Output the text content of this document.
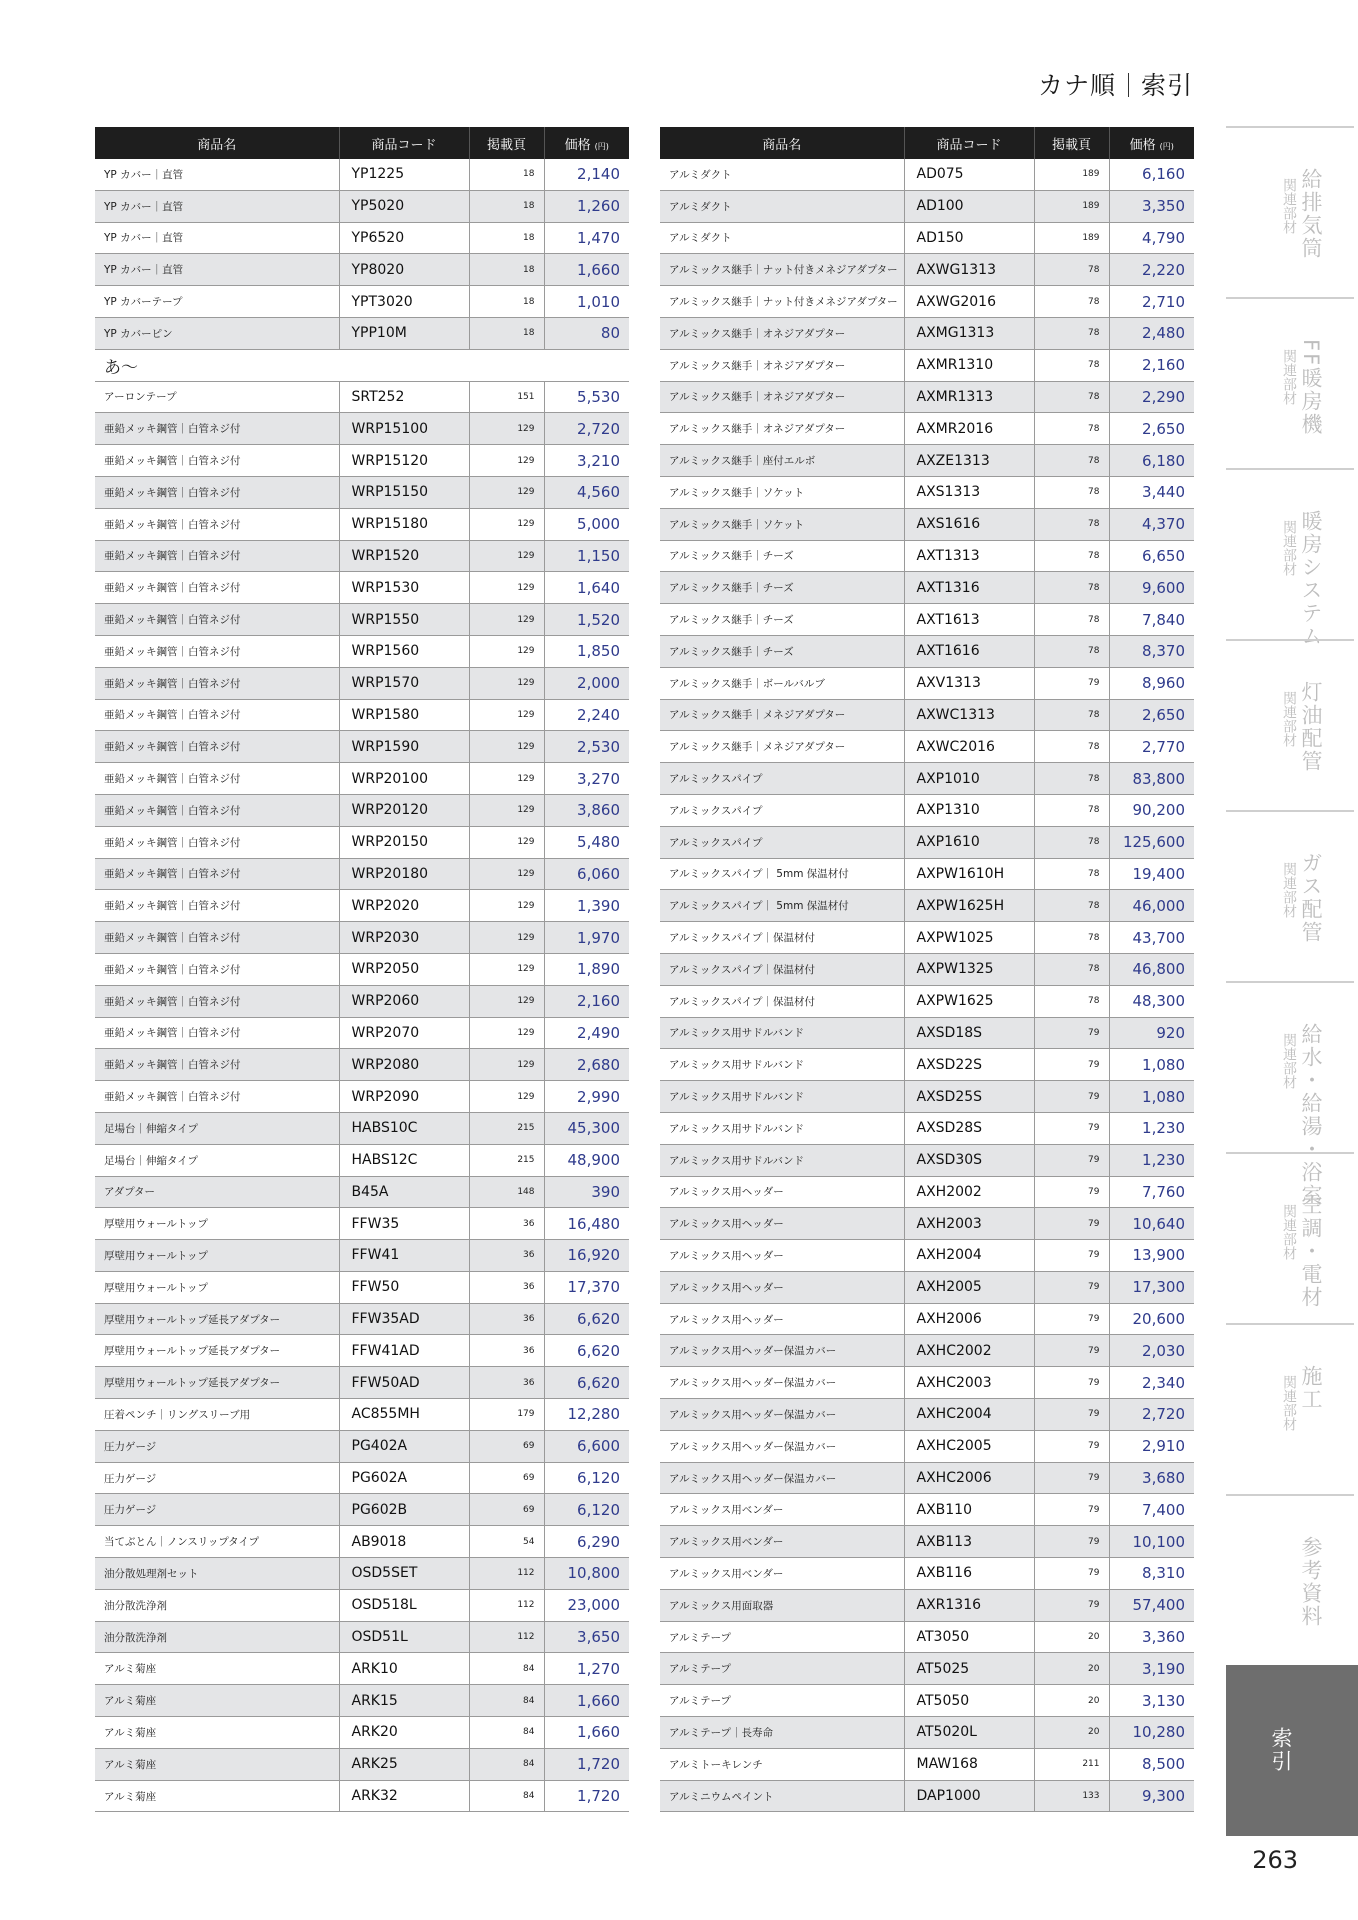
カナ順 索引
商品名	商品コード	掲載頁	価格 (円)
YP カバー｜直管	YP1225	18	2,140
YP カバー｜直管	YP5020	18	1,260
YP カバー｜直管	YP6520	18	1,470
YP カバー｜直管	YP8020	18	1,660
YP カバーテープ	YPT3020	18	1,010
YP カバーピン	YPP10M	18	80
あ〜			
アーロンテープ	SRT252	151	5,530
亜鉛メッキ鋼管｜白管ネジ付	WRP15100	129	2,720
亜鉛メッキ鋼管｜白管ネジ付	WRP15120	129	3,210
亜鉛メッキ鋼管｜白管ネジ付	WRP15150	129	4,560
亜鉛メッキ鋼管｜白管ネジ付	WRP15180	129	5,000
亜鉛メッキ鋼管｜白管ネジ付	WRP1520	129	1,150
亜鉛メッキ鋼管｜白管ネジ付	WRP1530	129	1,640
亜鉛メッキ鋼管｜白管ネジ付	WRP1550	129	1,520
亜鉛メッキ鋼管｜白管ネジ付	WRP1560	129	1,850
亜鉛メッキ鋼管｜白管ネジ付	WRP1570	129	2,000
亜鉛メッキ鋼管｜白管ネジ付	WRP1580	129	2,240
亜鉛メッキ鋼管｜白管ネジ付	WRP1590	129	2,530
亜鉛メッキ鋼管｜白管ネジ付	WRP20100	129	3,270
亜鉛メッキ鋼管｜白管ネジ付	WRP20120	129	3,860
亜鉛メッキ鋼管｜白管ネジ付	WRP20150	129	5,480
亜鉛メッキ鋼管｜白管ネジ付	WRP20180	129	6,060
亜鉛メッキ鋼管｜白管ネジ付	WRP2020	129	1,390
亜鉛メッキ鋼管｜白管ネジ付	WRP2030	129	1,970
亜鉛メッキ鋼管｜白管ネジ付	WRP2050	129	1,890
亜鉛メッキ鋼管｜白管ネジ付	WRP2060	129	2,160
亜鉛メッキ鋼管｜白管ネジ付	WRP2070	129	2,490
亜鉛メッキ鋼管｜白管ネジ付	WRP2080	129	2,680
亜鉛メッキ鋼管｜白管ネジ付	WRP2090	129	2,990
足場台｜伸縮タイプ	HABS10C	215	45,300
足場台｜伸縮タイプ	HABS12C	215	48,900
アダプター	B45A	148	390
厚壁用ウォールトップ	FFW35	36	16,480
厚壁用ウォールトップ	FFW41	36	16,920
厚壁用ウォールトップ	FFW50	36	17,370
厚壁用ウォールトップ延長アダプター	FFW35AD	36	6,620
厚壁用ウォールトップ延長アダプター	FFW41AD	36	6,620
厚壁用ウォールトップ延長アダプター	FFW50AD	36	6,620
圧着ペンチ｜リングスリーブ用	AC855MH	179	12,280
圧力ゲージ	PG402A	69	6,600
圧力ゲージ	PG602A	69	6,120
圧力ゲージ	PG602B	69	6,120
当てぶとん｜ノンスリップタイプ	AB9018	54	6,290
油分散処理剤セット	OSD5SET	112	10,800
油分散洗浄剤	OSD518L	112	23,000
油分散洗浄剤	OSD51L	112	3,650
アルミ菊座	ARK10	84	1,270
アルミ菊座	ARK15	84	1,660
アルミ菊座	ARK20	84	1,660
アルミ菊座	ARK25	84	1,720
アルミ菊座	ARK32	84	1,720
商品名	商品コード	掲載頁	価格 (円)
アルミダクト	AD075	189	6,160
アルミダクト	AD100	189	3,350
アルミダクト	AD150	189	4,790
アルミックス継手｜ナット付きメネジアダプター	AXWG1313	78	2,220
アルミックス継手｜ナット付きメネジアダプター	AXWG2016	78	2,710
アルミックス継手｜オネジアダプター	AXMG1313	78	2,480
アルミックス継手｜オネジアダプター	AXMR1310	78	2,160
アルミックス継手｜オネジアダプター	AXMR1313	78	2,290
アルミックス継手｜オネジアダプター	AXMR2016	78	2,650
アルミックス継手｜座付エルボ	AXZE1313	78	6,180
アルミックス継手｜ソケット	AXS1313	78	3,440
アルミックス継手｜ソケット	AXS1616	78	4,370
アルミックス継手｜チーズ	AXT1313	78	6,650
アルミックス継手｜チーズ	AXT1316	78	9,600
アルミックス継手｜チーズ	AXT1613	78	7,840
アルミックス継手｜チーズ	AXT1616	78	8,370
アルミックス継手｜ボールバルブ	AXV1313	79	8,960
アルミックス継手｜メネジアダプター	AXWC1313	78	2,650
アルミックス継手｜メネジアダプター	AXWC2016	78	2,770
アルミックスパイプ	AXP1010	78	83,800
アルミックスパイプ	AXP1310	78	90,200
アルミックスパイプ	AXP1610	78	125,600
アルミックスパイプ｜ 5mm 保温材付	AXPW1610H	78	19,400
アルミックスパイプ｜ 5mm 保温材付	AXPW1625H	78	46,000
アルミックスパイプ｜保温材付	AXPW1025	78	43,700
アルミックスパイプ｜保温材付	AXPW1325	78	46,800
アルミックスパイプ｜保温材付	AXPW1625	78	48,300
アルミックス用サドルバンド	AXSD18S	79	920
アルミックス用サドルバンド	AXSD22S	79	1,080
アルミックス用サドルバンド	AXSD25S	79	1,080
アルミックス用サドルバンド	AXSD28S	79	1,230
アルミックス用サドルバンド	AXSD30S	79	1,230
アルミックス用ヘッダー	AXH2002	79	7,760
アルミックス用ヘッダー	AXH2003	79	10,640
アルミックス用ヘッダー	AXH2004	79	13,900
アルミックス用ヘッダー	AXH2005	79	17,300
アルミックス用ヘッダー	AXH2006	79	20,600
アルミックス用ヘッダー保温カバー	AXHC2002	79	2,030
アルミックス用ヘッダー保温カバー	AXHC2003	79	2,340
アルミックス用ヘッダー保温カバー	AXHC2004	79	2,720
アルミックス用ヘッダー保温カバー	AXHC2005	79	2,910
アルミックス用ヘッダー保温カバー	AXHC2006	79	3,680
アルミックス用ベンダー	AXB110	79	7,400
アルミックス用ベンダー	AXB113	79	10,100
アルミックス用ベンダー	AXB116	79	8,310
アルミックス用面取器	AXR1316	79	57,400
アルミテープ	AT3050	20	3,360
アルミテープ	AT5025	20	3,190
アルミテープ	AT5050	20	3,130
アルミテープ｜長寿命	AT5020L	20	10,280
アルミトーキレンチ	MAW168	211	8,500
アルミニウムペイント	DAP1000	133	9,300
給排気筒
関連部材
FF暖房機
関連部材
暖房システム
関連部材
灯油配管
関連部材
ガス配管
関連部材
給水・給湯・浴室
関連部材
空調・電材
関連部材
施工
関連部材
参考資料
索引
263
